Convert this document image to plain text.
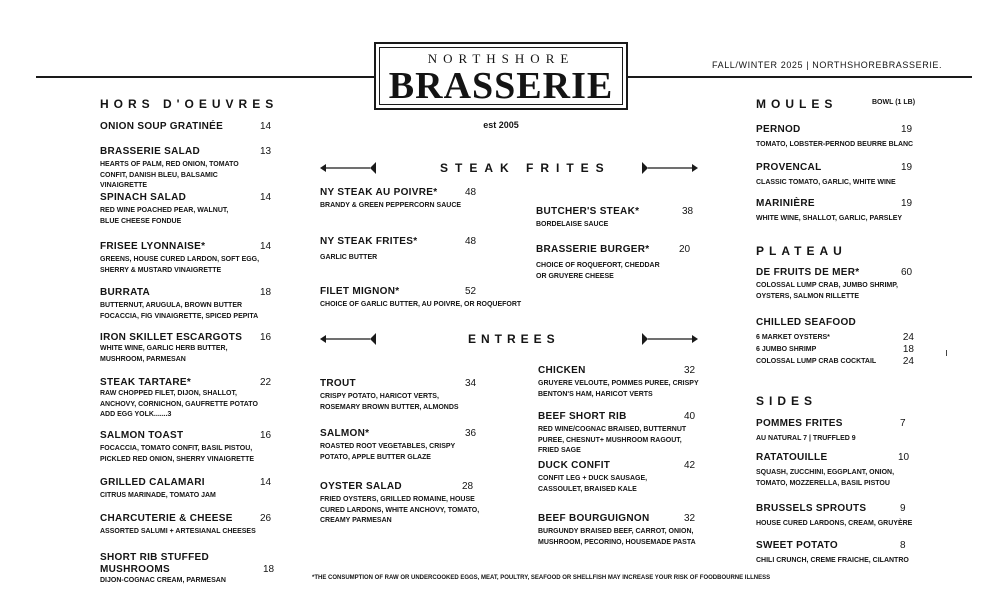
NORTHSHORE
BRASSERIE
est 2005
FALL/WINTER 2025 | NORTHSHOREBRASSERIE.
HORS D'OEUVRES
ONION SOUP GRATINÉE	14
BRASSERIE SALAD	13
HEARTS OF PALM, RED ONION, TOMATO CONFIT, DANISH BLEU, BALSAMIC VINAIGRETTE
SPINACH SALAD	14
RED WINE POACHED PEAR, WALNUT, BLUE CHEESE FONDUE
FRISEE LYONNAISE*	14
GREENS, HOUSE CURED LARDON, SOFT EGG, SHERRY & MUSTARD VINAIGRETTE
BURRATA	18
BUTTERNUT, ARUGULA, BROWN BUTTER FOCACCIA, FIG VINAIGRETTE, SPICED PEPITA
IRON SKILLET ESCARGOTS	16
WHITE WINE, GARLIC HERB BUTTER, MUSHROOM, PARMESAN
STEAK TARTARE*	22
RAW CHOPPED FILET, DIJON, SHALLOT, ANCHOVY, CORNICHON, GAUFRETTE POTATO ADD EGG YOLK.......3
SALMON TOAST	16
FOCACCIA, TOMATO CONFIT, BASIL PISTOU, PICKLED RED ONION, SHERRY VINAIGRETTE
GRILLED CALAMARI	14
CITRUS MARINADE, TOMATO JAM
CHARCUTERIE & CHEESE	26
ASSORTED SALUMI + ARTESIANAL CHEESES
SHORT RIB STUFFED MUSHROOMS	18
DIJON-COGNAC CREAM, PARMESAN
STEAK FRITES
NY STEAK AU POIVRE*	48
BRANDY & GREEN PEPPERCORN SAUCE
NY STEAK FRITES*	48
GARLIC BUTTER
FILET MIGNON*	52
CHOICE OF GARLIC BUTTER, AU POIVRE, OR ROQUEFORT
BUTCHER'S STEAK*	38
BORDELAISE SAUCE
BRASSERIE BURGER*	20
CHOICE OF ROQUEFORT, CHEDDAR OR GRUYERE CHEESE
ENTREES
TROUT	34
CRISPY POTATO, HARICOT VERTS, ROSEMARY BROWN BUTTER, ALMONDS
SALMON*	36
ROASTED ROOT VEGETABLES, CRISPY POTATO, APPLE BUTTER GLAZE
OYSTER SALAD	28
FRIED OYSTERS, GRILLED ROMAINE, HOUSE CURED LARDONS, WHITE ANCHOVY, TOMATO, CREAMY PARMESAN
CHICKEN	32
GRUYERE VELOUTE, POMMES PUREE, CRISPY BENTON'S HAM, HARICOT VERTS
BEEF SHORT RIB	40
RED WINE/COGNAC BRAISED, BUTTERNUT PUREE, CHESNUT+ MUSHROOM RAGOUT, FRIED SAGE
DUCK CONFIT	42
CONFIT LEG + DUCK SAUSAGE, CASSOULET, BRAISED KALE
BEEF BOURGUIGNON	32
BURGUNDY BRAISED BEEF, CARROT, ONION, MUSHROOM, PECORINO, HOUSEMADE PASTA
MOULES	BOWL (1 LB)
PERNOD	19
TOMATO, LOBSTER-PERNOD BEURRE BLANC
PROVENCAL	19
CLASSIC TOMATO, GARLIC, WHITE WINE
MARINIÈRE	19
WHITE WINE, SHALLOT, GARLIC, PARSLEY
PLATEAU
DE FRUITS DE MER*	60
COLOSSAL LUMP CRAB, JUMBO SHRIMP, OYSTERS, SALMON RILLETTE
CHILLED SEAFOOD
6 MARKET OYSTERS*	24
6 JUMBO SHRIMP	18
COLOSSAL LUMP CRAB COCKTAIL	24
SIDES
POMMES FRITES	7
AU NATURAL 7 | TRUFFLED 9
RATATOUILLE	10
SQUASH, ZUCCHINI, EGGPLANT, ONION, TOMATO, MOZZERELLA, BASIL PISTOU
BRUSSELS SPROUTS	9
HOUSE CURED LARDONS, CREAM, GRUYÈRE
SWEET POTATO	8
CHILI CRUNCH, CREME FRAICHE, CILANTRO
*THE CONSUMPTION OF RAW OR UNDERCOOKED EGGS, MEAT, POULTRY, SEAFOOD OR SHELLFISH MAY INCREASE YOUR RISK OF FOODBOURNE ILLNESS
